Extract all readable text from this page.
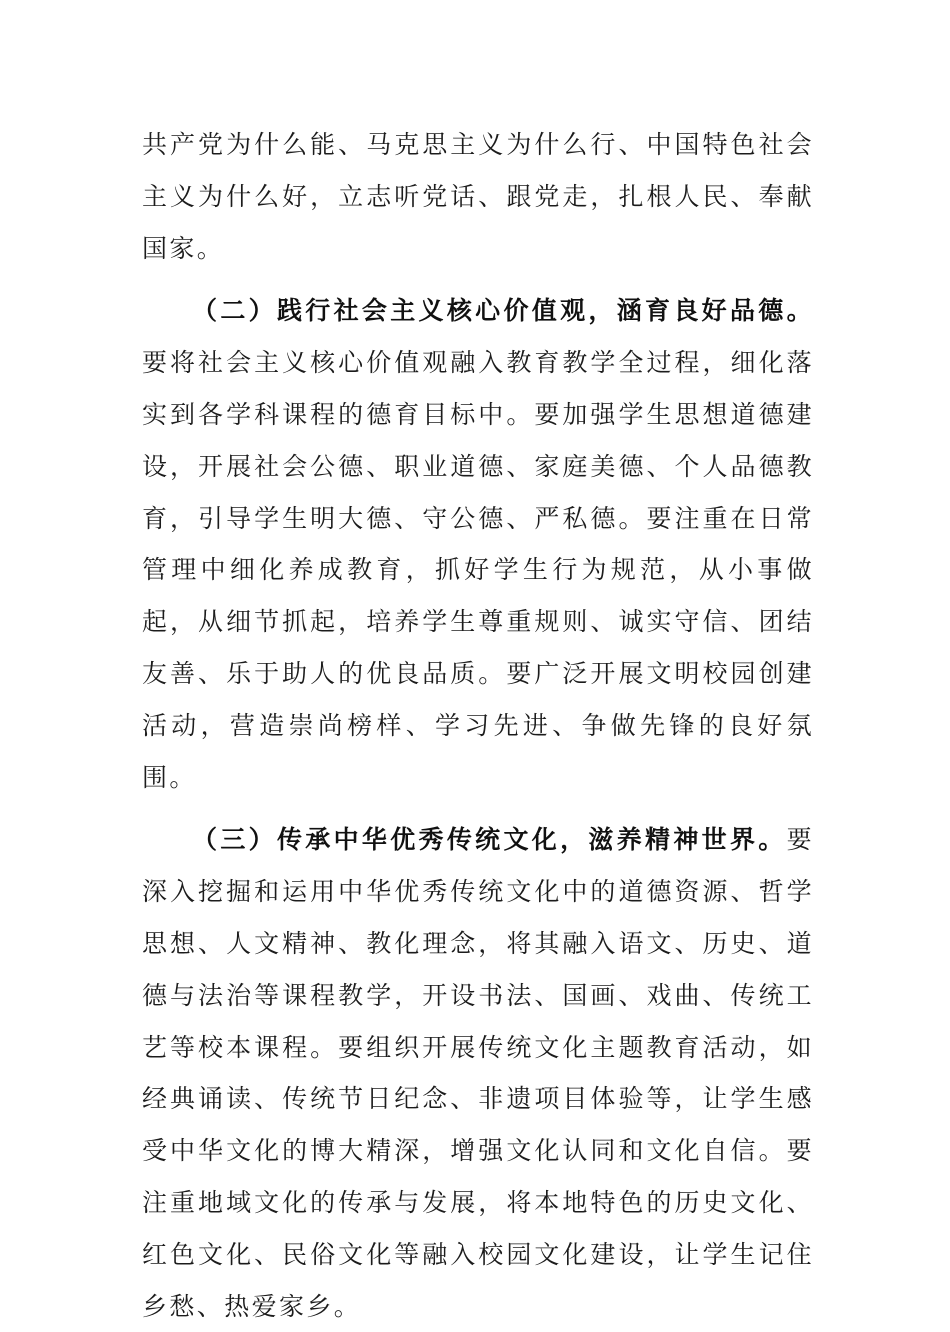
共产党为什么能、马克思主义为什么行、中国特色社会主义为什么好，立志听党话、跟党走，扎根人民、奉献国家。

（二）践行社会主义核心价值观，涵育良好品德。要将社会主义核心价值观融入教育教学全过程，细化落实到各学科课程的德育目标中。要加强学生思想道德建设，开展社会公德、职业道德、家庭美德、个人品德教育，引导学生明大德、守公德、严私德。要注重在日常管理中细化养成教育，抓好学生行为规范，从小事做起，从细节抓起，培养学生尊重规则、诚实守信、团结友善、乐于助人的优良品质。要广泛开展文明校园创建活动，营造崇尚榜样、学习先进、争做先锋的良好氛围。

（三）传承中华优秀传统文化，滋养精神世界。要深入挖掘和运用中华优秀传统文化中的道德资源、哲学思想、人文精神、教化理念，将其融入语文、历史、道德与法治等课程教学，开设书法、国画、戏曲、传统工艺等校本课程。要组织开展传统文化主题教育活动，如经典诵读、传统节日纪念、非遗项目体验等，让学生感受中华文化的博大精深，增强文化认同和文化自信。要注重地域文化的传承与发展，将本地特色的历史文化、红色文化、民俗文化等融入校园文化建设，让学生记住乡愁、热爱家乡。
